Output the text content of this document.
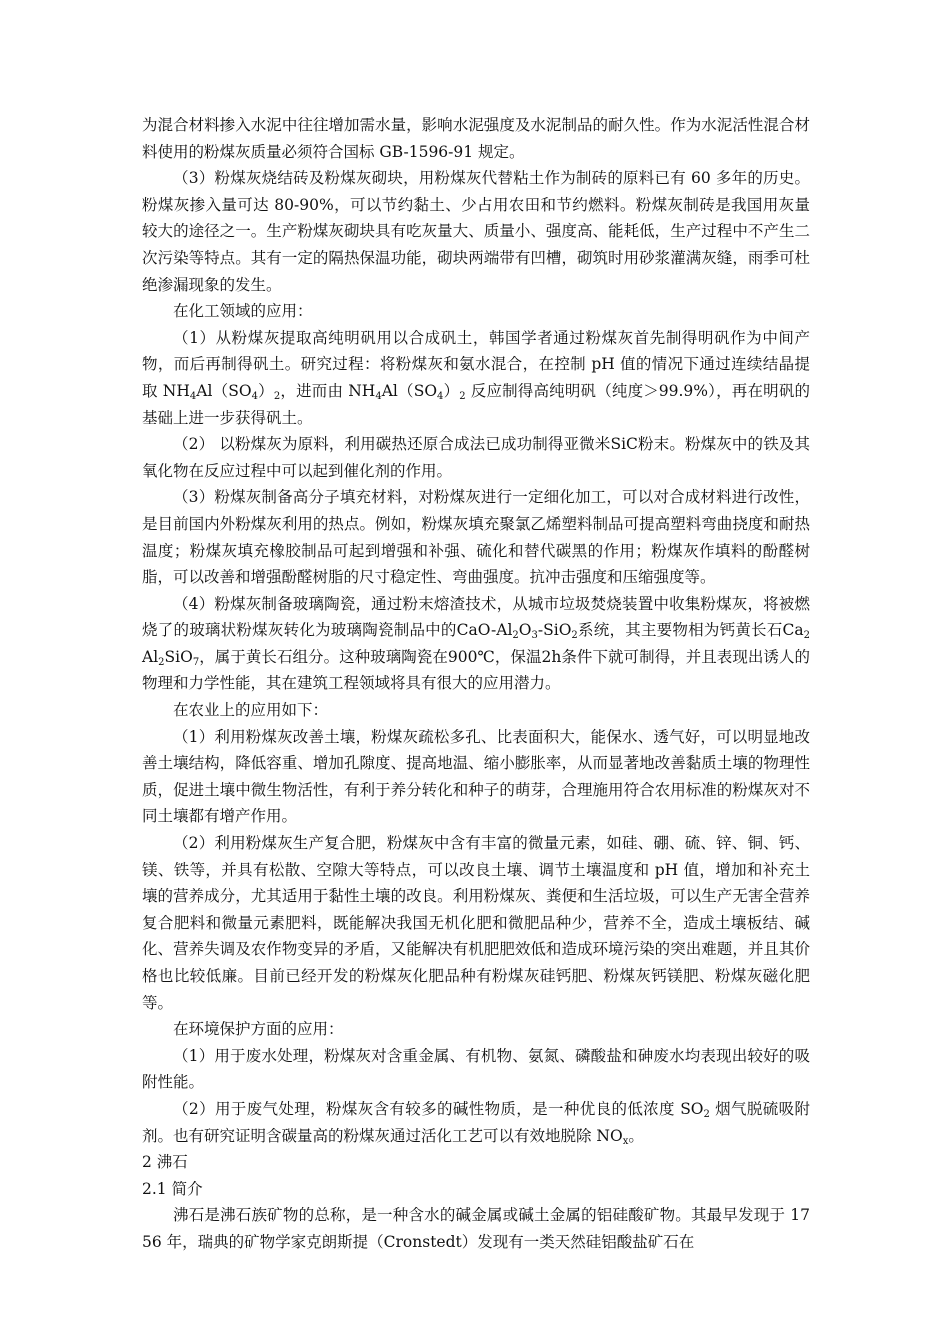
为混合材料掺入水泥中往往增加需水量，影响水泥强度及水泥制品的耐久性。作为水泥活性混合材料使用的粉煤灰质量必须符合国标 GB-1596-91 规定。

（3）粉煤灰烧结砖及粉煤灰砌块，用粉煤灰代替粘土作为制砖的原料已有 60 多年的历史。粉煤灰掺入量可达 80-90%，可以节约黏土、少占用农田和节约燃料。粉煤灰制砖是我国用灰量较大的途径之一。生产粉煤灰砌块具有吃灰量大、质量小、强度高、能耗低，生产过程中不产生二次污染等特点。其有一定的隔热保温功能，砌块两端带有凹槽，砌筑时用砂浆灌满灰缝，雨季可杜绝渗漏现象的发生。

在化工领域的应用：

（1）从粉煤灰提取高纯明矾用以合成矾土，韩国学者通过粉煤灰首先制得明矾作为中间产物，而后再制得矾土。研究过程：将粉煤灰和氨水混合，在控制 pH 值的情况下通过连续结晶提取 $NH_4Al(SO_4)_2$，进而由 $NH_4Al(SO_4)_2$ 反应制得高纯明矾（纯度＞99.9%），再在明矾的基础上进一步获得矾土。

（2） 以粉煤灰为原料，利用碳热还原合成法已成功制得亚微米SiC粉末。粉煤灰中的铁及其氧化物在反应过程中可以起到催化剂的作用。

（3）粉煤灰制备高分子填充材料，对粉煤灰进行一定细化加工，可以对合成材料进行改性，是目前国内外粉煤灰利用的热点。例如，粉煤灰填充聚氯乙烯塑料制品可提高塑料弯曲挠度和耐热温度；粉煤灰填充橡胶制品可起到增强和补强、硫化和替代碳黑的作用；粉煤灰作填料的酚醛树脂，可以改善和增强酚醛树脂的尺寸稳定性、弯曲强度。抗冲击强度和压缩强度等。

（4）粉煤灰制备玻璃陶瓷，通过粉末熔渣技术，从城市垃圾焚烧装置中收集粉煤灰，将被燃烧了的玻璃状粉煤灰转化为玻璃陶瓷制品中的CaO-$Al_2O_3-SiO_2$系统，其主要物相为钙黄长石$Ca_2Al_2SiO_7$，属于黄长石组分。这种玻璃陶瓷在900℃，保温2h条件下就可制得，并且表现出诱人的物理和力学性能，其在建筑工程领域将具有很大的应用潜力。

在农业上的应用如下：

（1）利用粉煤灰改善土壤，粉煤灰疏松多孔、比表面积大，能保水、透气好，可以明显地改善土壤结构，降低容重、增加孔隙度、提高地温、缩小膨胀率，从而显著地改善黏质土壤的物理性质，促进土壤中微生物活性，有利于养分转化和种子的萌芽，合理施用符合农用标准的粉煤灰对不同土壤都有增产作用。

（2）利用粉煤灰生产复合肥，粉煤灰中含有丰富的微量元素，如硅、硼、硫、锌、铜、钙、镁、铁等，并具有松散、空隙大等特点，可以改良土壤、调节土壤温度和 pH 值，增加和补充土壤的营养成分，尤其适用于黏性土壤的改良。利用粉煤灰、粪便和生活垃圾，可以生产无害全营养复合肥料和微量元素肥料，既能解决我国无机化肥和微肥品种少，营养不全，造成土壤板结、碱化、营养失调及农作物变异的矛盾，又能解决有机肥肥效低和造成环境污染的突出难题，并且其价格也比较低廉。目前已经开发的粉煤灰化肥品种有粉煤灰硅钙肥、粉煤灰钙镁肥、粉煤灰磁化肥等。

在环境保护方面的应用：

（1）用于废水处理，粉煤灰对含重金属、有机物、氨氮、磷酸盐和砷废水均表现出较好的吸附性能。

（2）用于废气处理，粉煤灰含有较多的碱性物质，是一种优良的低浓度 $SO_2$ 烟气脱硫吸附剂。也有研究证明含碳量高的粉煤灰通过活化工艺可以有效地脱除 $NO_x$。

2 沸石

2.1 简介

沸石是沸石族矿物的总称，是一种含水的碱金属或碱土金属的铝硅酸矿物。其最早发现于 1756 年，瑞典的矿物学家克朗斯提（Cronstedt）发现有一类天然硅铝酸盐矿石在
